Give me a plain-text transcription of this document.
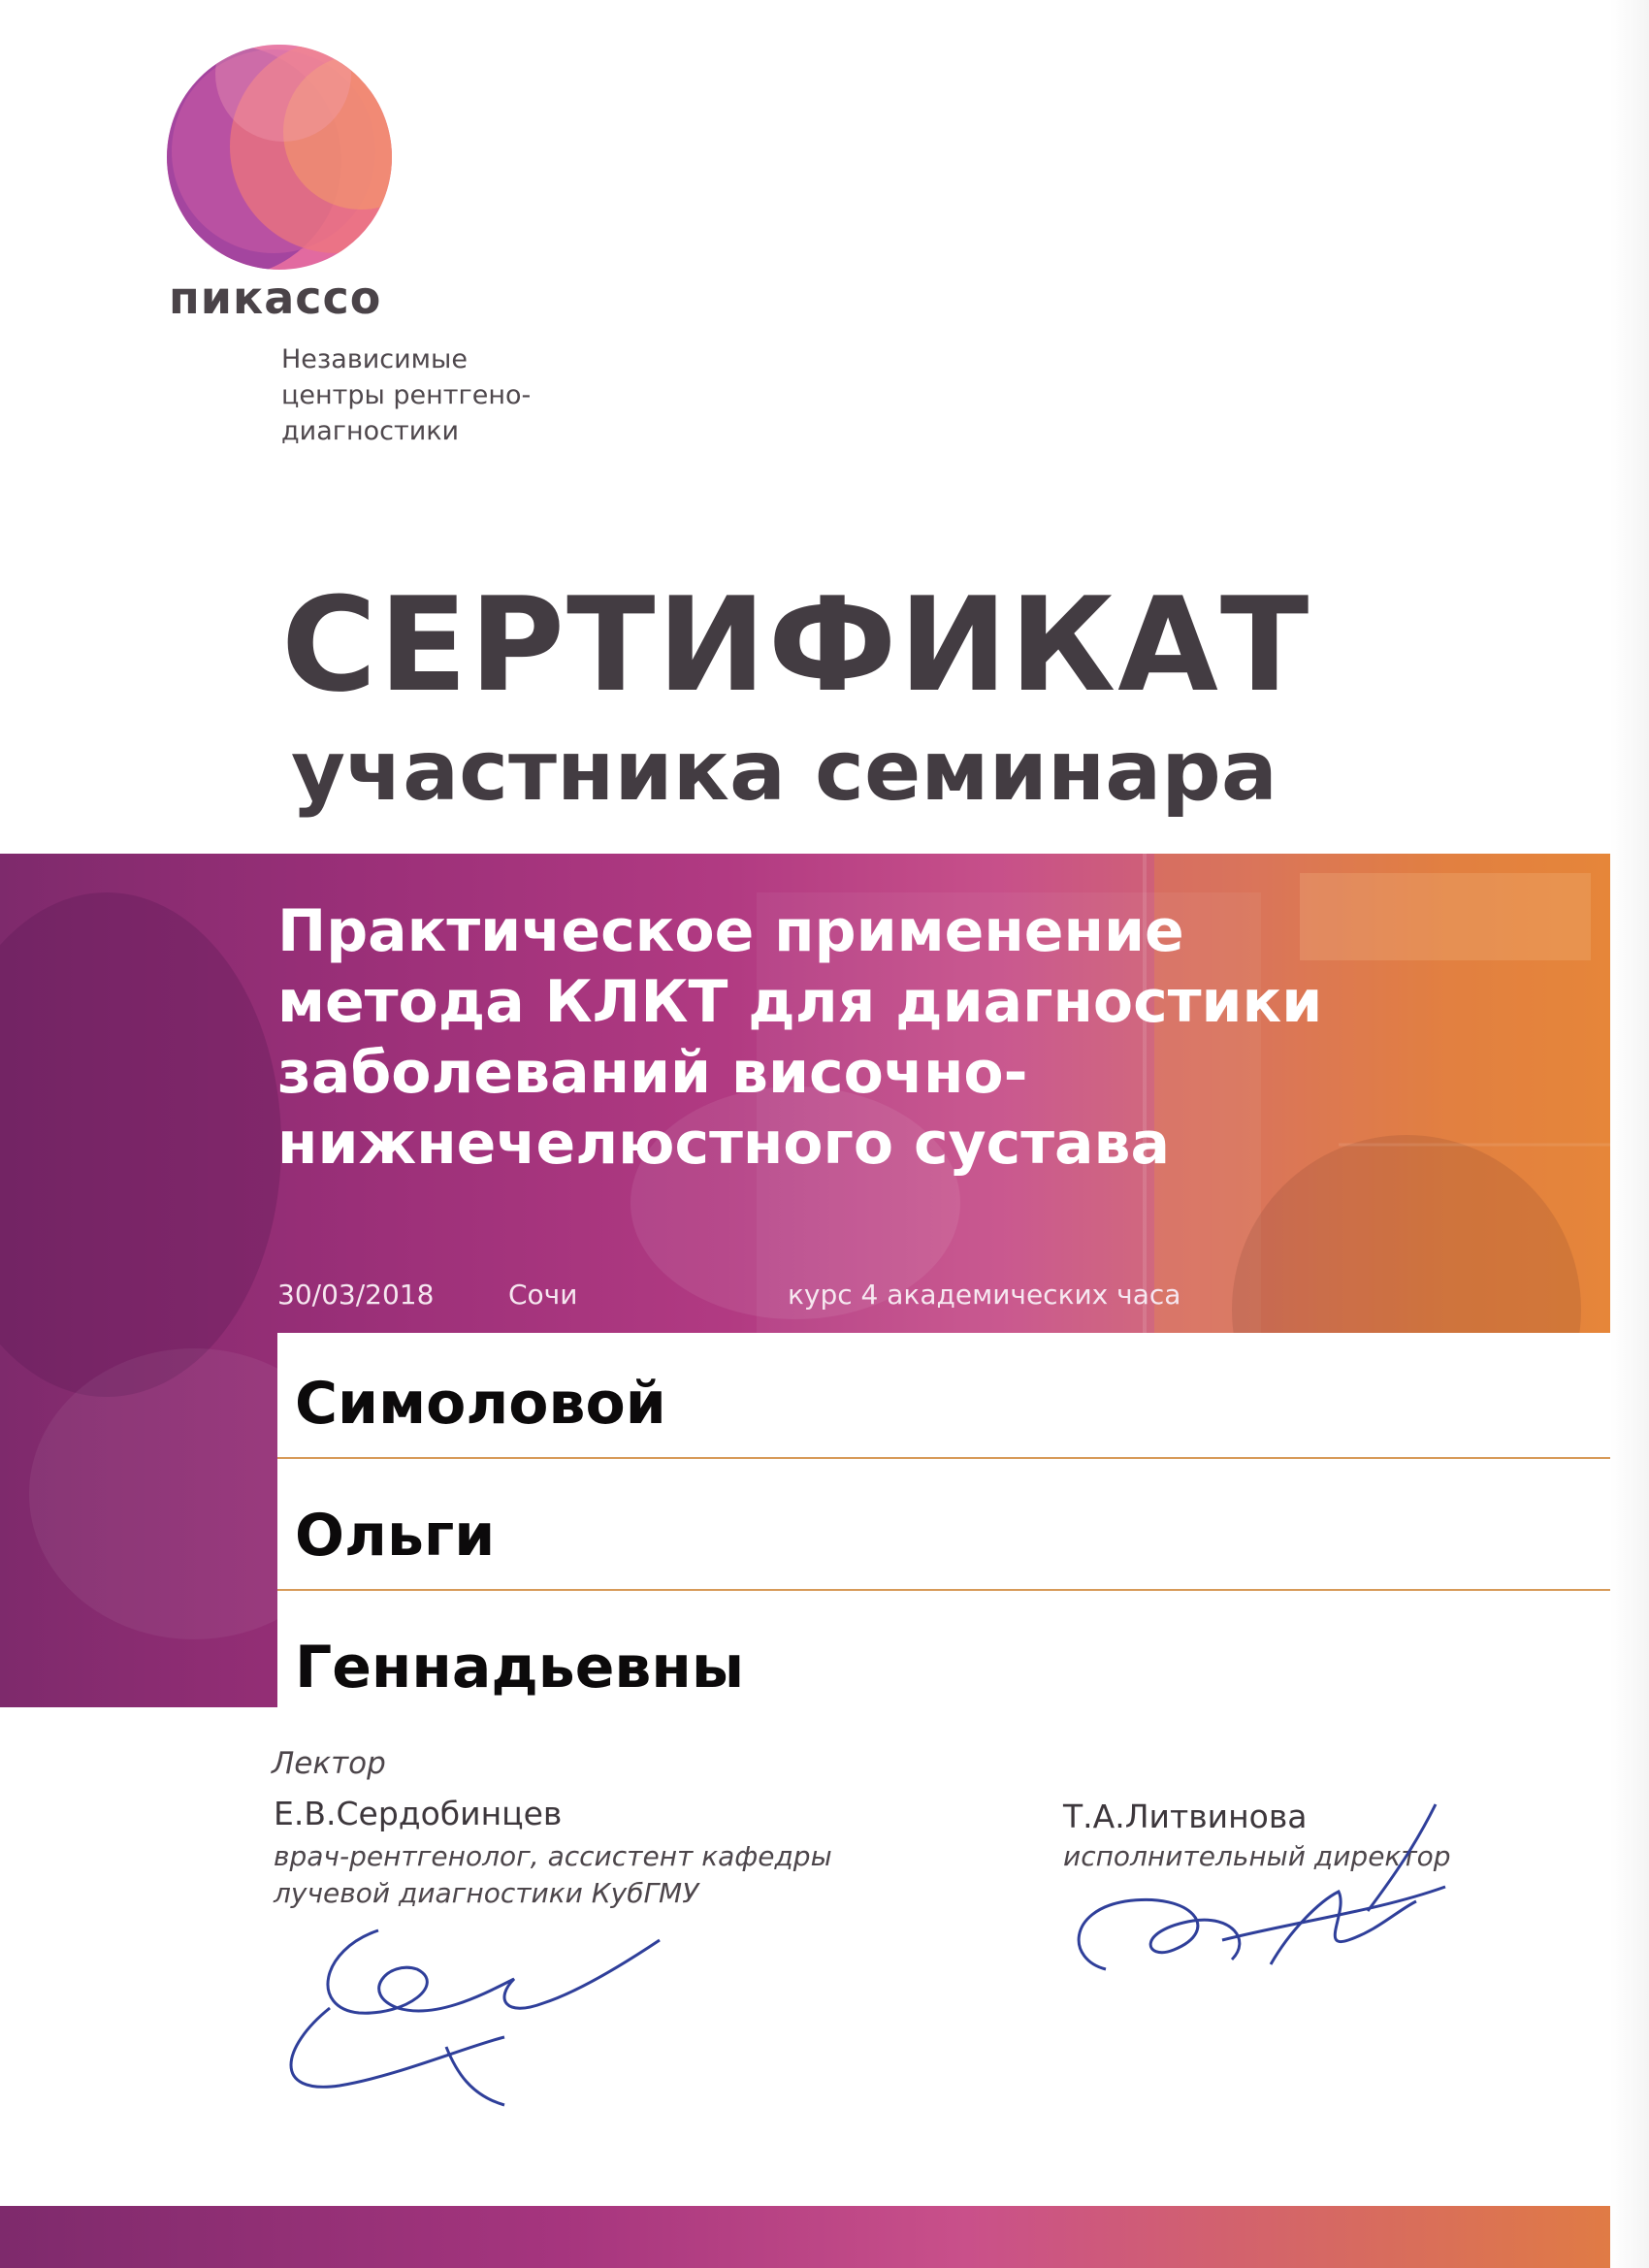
пикассо
Независимые
центры рентгено-
диагностики
СЕРТИФИКАТ
участника семинара
Практическое применение
метода КЛКТ для диагностики
заболеваний височно-
нижнечелюстного сустава
30/03/2018	Сочи	курс 4 академических часа
Симоловой
Ольги
Геннадьевны
Лектор
Е.В.Сердобинцев
врач-рентгенолог, ассистент кафедры
лучевой диагностики КубГМУ
Т.А.Литвинова
исполнительный директор
